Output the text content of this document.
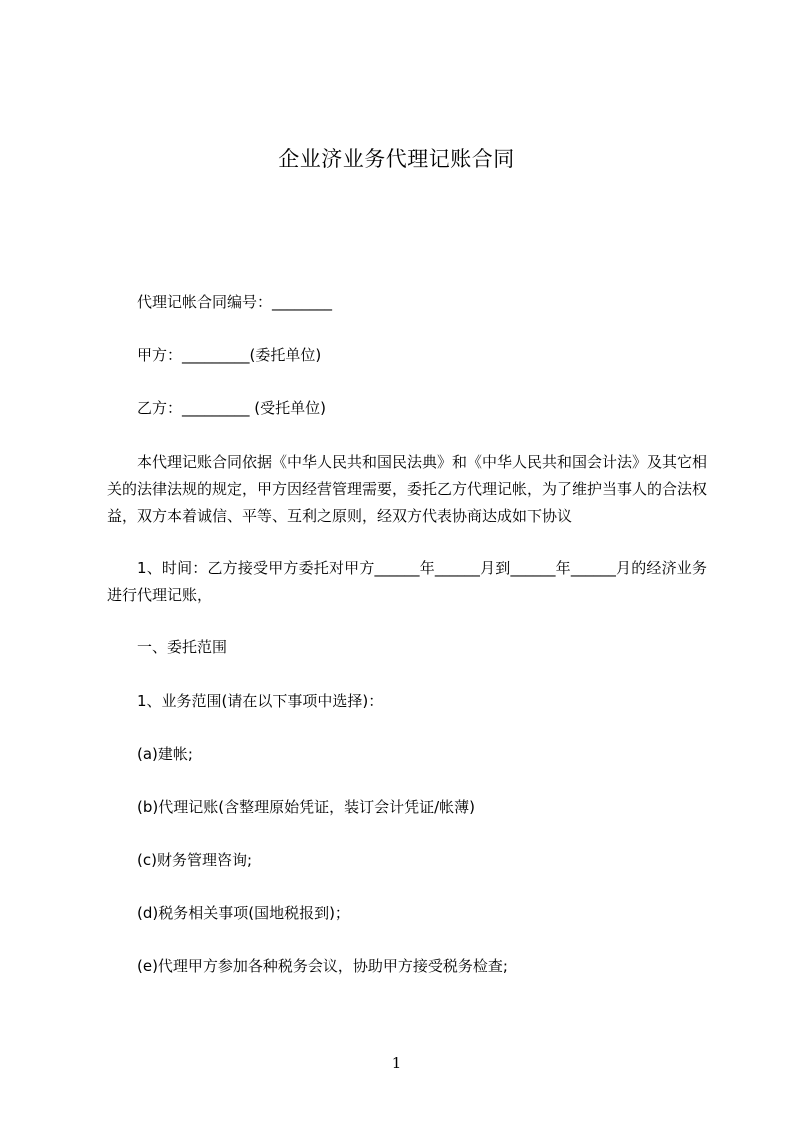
企业济业务代理记账合同
代理记帐合同编号：________
甲方：_________(委托单位)
乙方：_________ (受托单位)
本代理记账合同依据《中华人民共和国民法典》和《中华人民共和国会计法》及其它相关的法律法规的规定，甲方因经营管理需要，委托乙方代理记帐，为了维护当事人的合法权益，双方本着诚信、平等、互利之原则，经双方代表协商达成如下协议
1、时间：乙方接受甲方委托对甲方______年______月到______年______月的经济业务进行代理记账，
一、委托范围
1、业务范围(请在以下事项中选择)：
(a)建帐;
(b)代理记账(含整理原始凭证，装订会计凭证/帐薄)
(c)财务管理咨询;
(d)税务相关事项(国地税报到)；
(e)代理甲方参加各种税务会议，协助甲方接受税务检查;
1
